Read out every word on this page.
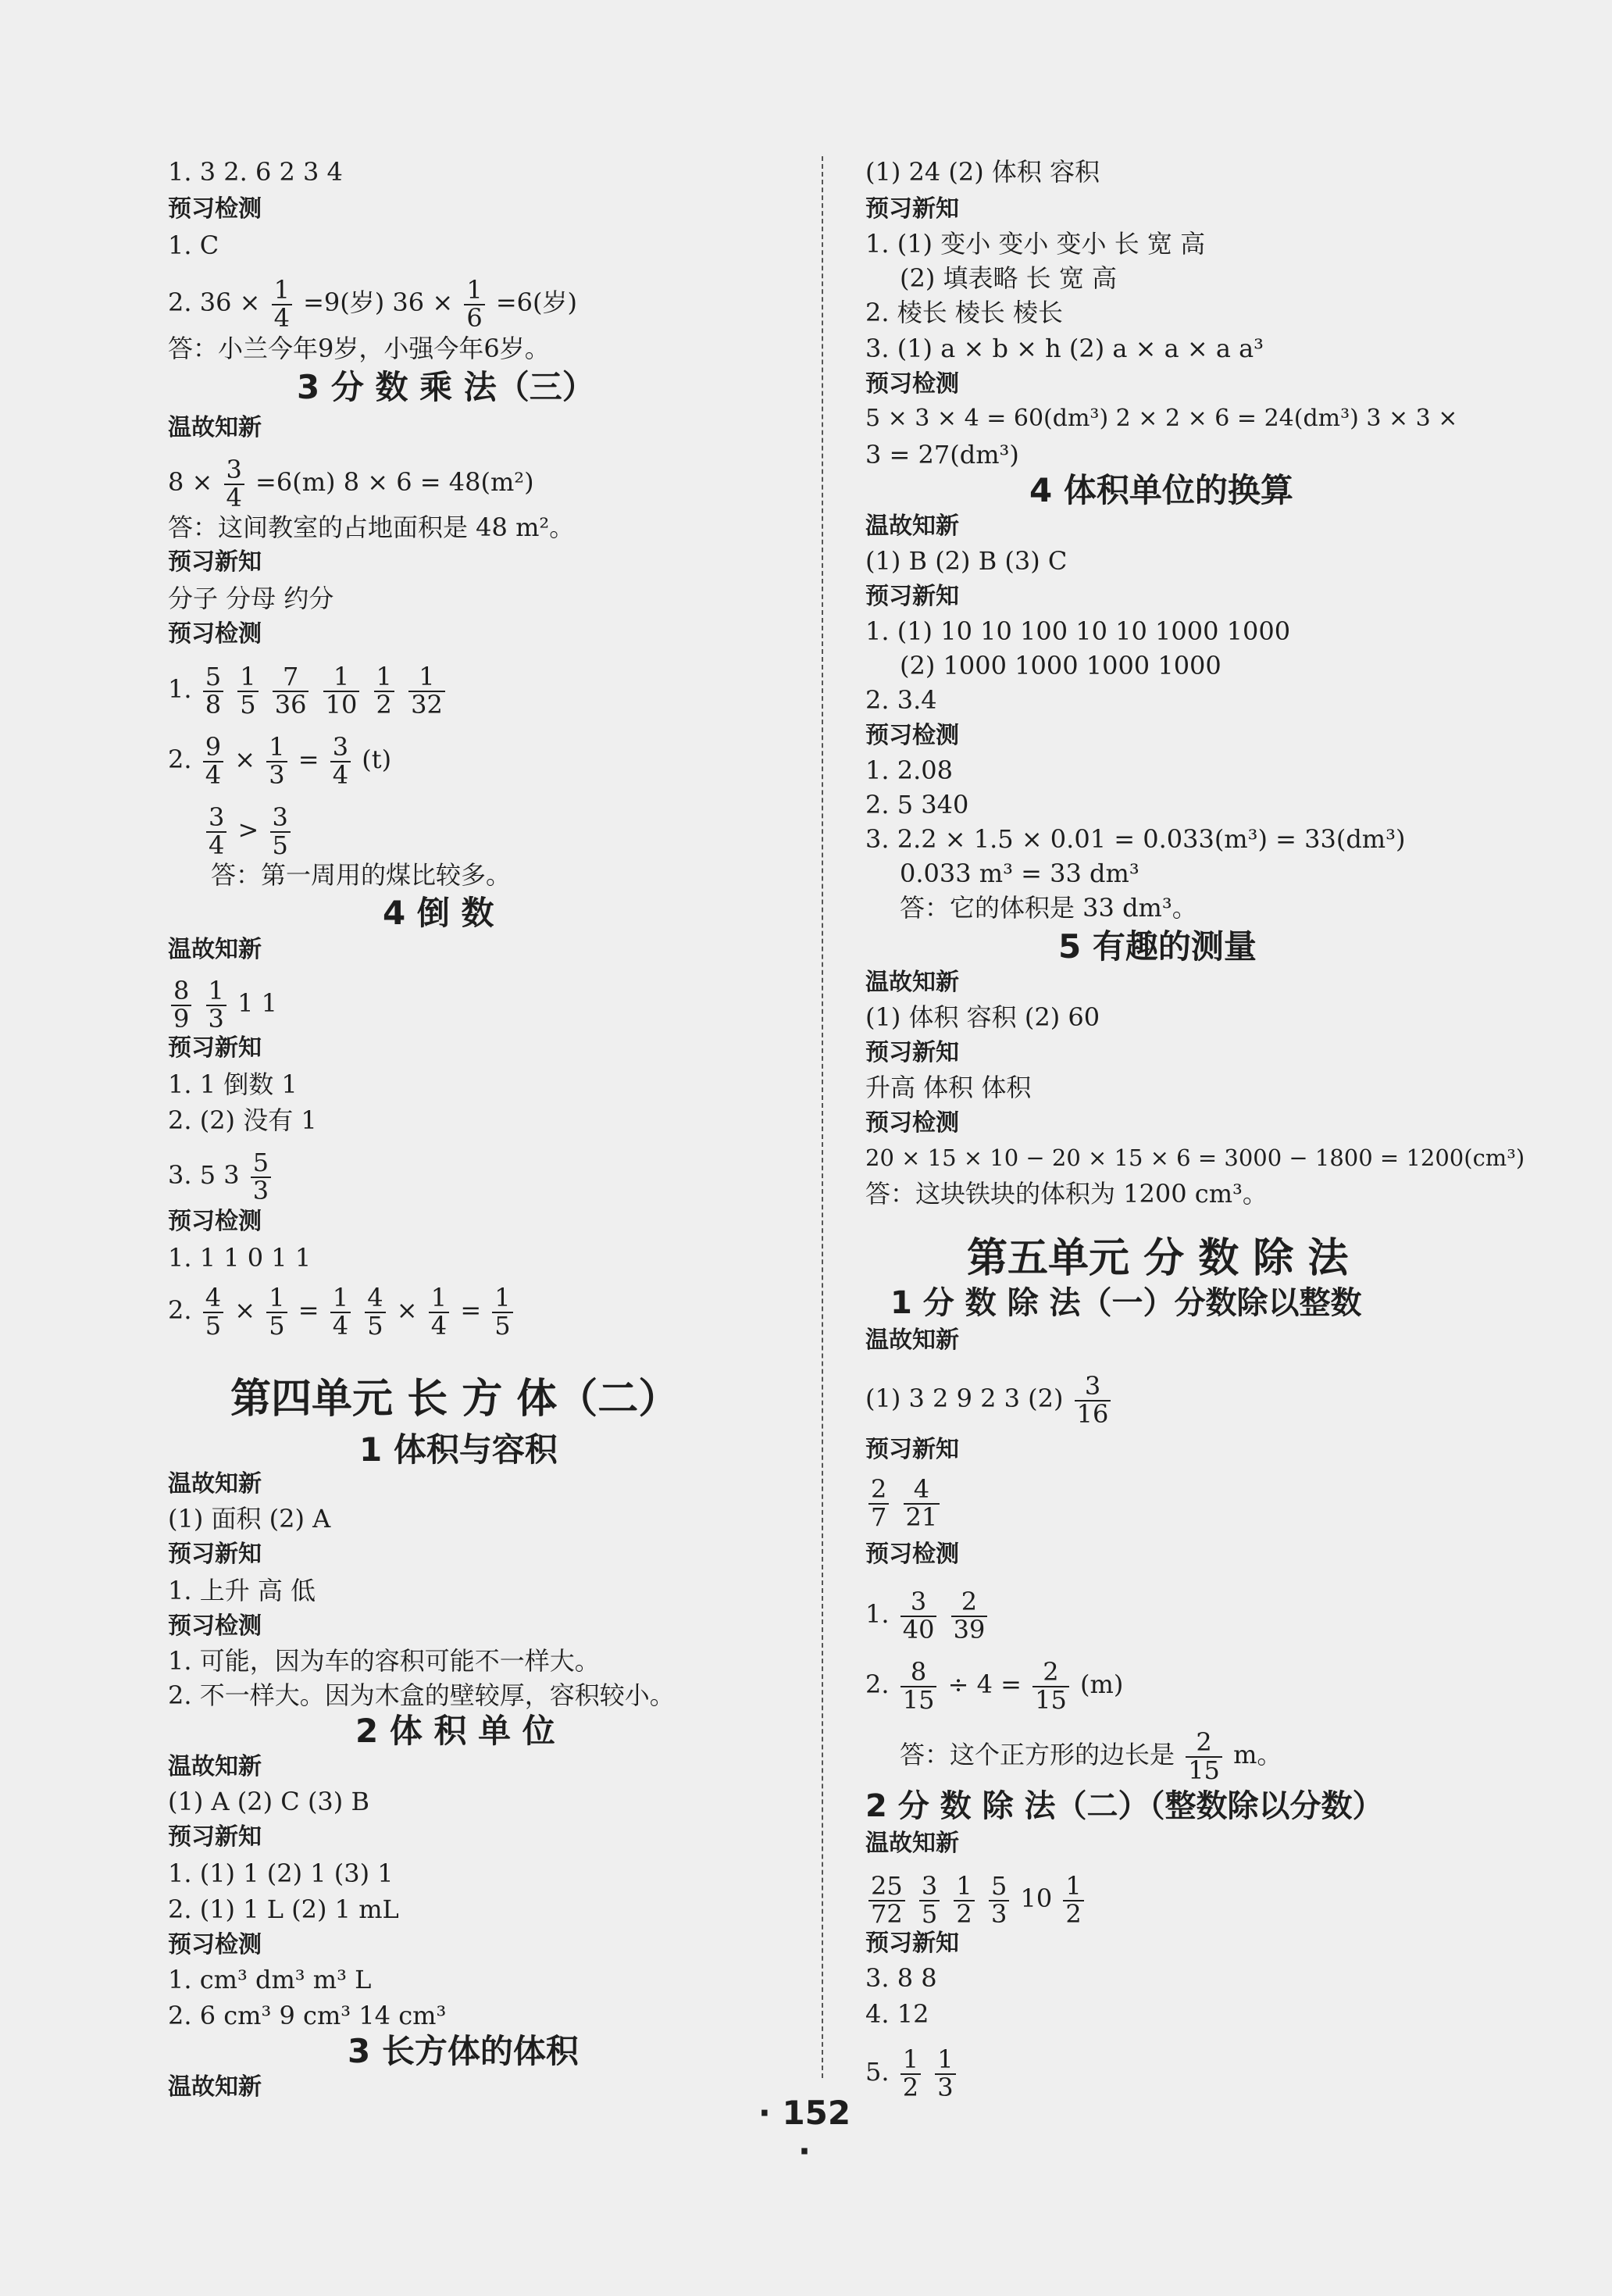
1. 3 2. 6 2 3 4
预习检测
1. C
2. $36 \times \frac{1}{4} =9$(岁) $36 \times \frac{1}{6} =6$(岁)
答：小兰今年9岁，小强今年6岁。
3 分 数 乘 法（三）
温故知新
$8 \times \frac{3}{4} =6(m) 8 \times 6 = 48(m^2)$
答：这间教室的占地面积是 48 m²。
预习新知
分子 分母 约分
预习检测
1. $\frac{5}{8}$
$\frac{1}{5}$
$\frac{7}{36}$
$\frac{1}{10}$
$\frac{1}{2}$
$\frac{1}{32}$
2. $\frac{9}{4} \times \frac{1}{3} = \frac{3}{4} (t)$
$\frac{3}{4} > \frac{3}{5}$
答：第一周用的煤比较多。
4 倒 数
温故知新
$\frac{8}{9}$
$\frac{1}{3} 1$ 1
预习新知
1. 1 倒数 1
2. (2) 没有 1
3. 5 $3 \frac{5}{3}$
预习检测
1. 1 1 0 1 1
2. $\frac{4}{5} \times \frac{1}{5} = \frac{1}{4}$
$\frac{4}{5} \times \frac{1}{4} = \frac{1}{5}$
第四单元 长 方 体（二）
1 体积与容积
温故知新
(1) 面积 (2) A
预习新知
1. 上升 高 低
预习检测
1. 可能，因为车的容积可能不一样大。
2. 不一样大。因为木盒的壁较厚，容积较小。
2 体 积 单 位
温故知新
(1) A (2) C (3) B
预习新知
1. (1) 1 (2) 1 (3) 1
2. (1) 1 L (2) 1 mL
预习检测
1. cm³ dm³ m³ L
2. 6 cm³ 9 cm³ 14 cm³
3 长方体的体积
温故知新
(1) 24 (2) 体积 容积
预习新知
1. (1) 变小 变小 变小 长 宽 高
(2) 填表略 长 宽 高
2. 棱长 棱长 棱长
3. (1) a × b × h (2) a × a × a a³
预习检测
5 × 3 × 4 = 60(dm³) 2 × 2 × 6 = 24(dm³) 3 × 3 ×
3 = 27(dm³)
4 体积单位的换算
温故知新
(1) B (2) B (3) C
预习新知
1. (1) 10 10 100 10 10 1000 1000
(2) 1000 1000 1000 1000
2. 3.4
预习检测
1. 2.08
2. 5 340
3. 2.2 × 1.5 × 0.01 = 0.033(m³) = 33(dm³)
0.033 m³ = 33 dm³
答：它的体积是 33 dm³。
5 有趣的测量
温故知新
(1) 体积 容积 (2) 60
预习新知
升高 体积 体积
预习检测
20 × 15 × 10 − 20 × 15 × 6 = 3000 − 1800 = 1200(cm³)
答：这块铁块的体积为 1200 cm³。
第五单元 分 数 除 法
1 分 数 除 法（一）分数除以整数
温故知新
(1) 3 2 9 2 3 $(2) \frac{3}{16}$
预习新知
$\frac{2}{7}$
$\frac{4}{21}$
预习检测
1. $\frac{3}{40}$
$\frac{2}{39}$
2. $\frac{8}{15} \div 4 = \frac{2}{15} (m)$
答：这个正方形的边长是 $\frac{2}{15}$ m。
2 分 数 除 法（二）（整数除以分数）
温故知新
$\frac{25}{72}$
$\frac{3}{5}$
$\frac{1}{2}$
$\frac{5}{3} 10 \frac{1}{2}$
预习新知
3. 8 8
4. 12
5. $\frac{1}{2}$
$\frac{1}{3}$
· 152 ·
